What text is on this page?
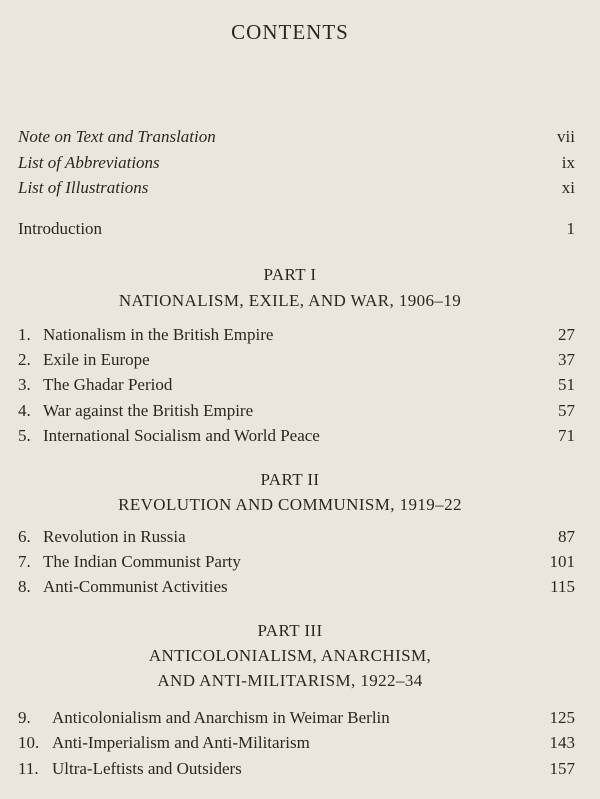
CONTENTS
Note on Text and Translation	vii
List of Abbreviations	ix
List of Illustrations	xi
Introduction	1
PART I
NATIONALISM, EXILE, AND WAR, 1906–19
1. Nationalism in the British Empire	27
2. Exile in Europe	37
3. The Ghadar Period	51
4. War against the British Empire	57
5. International Socialism and World Peace	71
PART II
REVOLUTION AND COMMUNISM, 1919–22
6. Revolution in Russia	87
7. The Indian Communist Party	101
8. Anti-Communist Activities	115
PART III
ANTICOLONIALISM, ANARCHISM,
AND ANTI-MILITARISM, 1922–34
9. Anticolonialism and Anarchism in Weimar Berlin	125
10. Anti-Imperialism and Anti-Militarism	143
11. Ultra-Leftists and Outsiders	157
